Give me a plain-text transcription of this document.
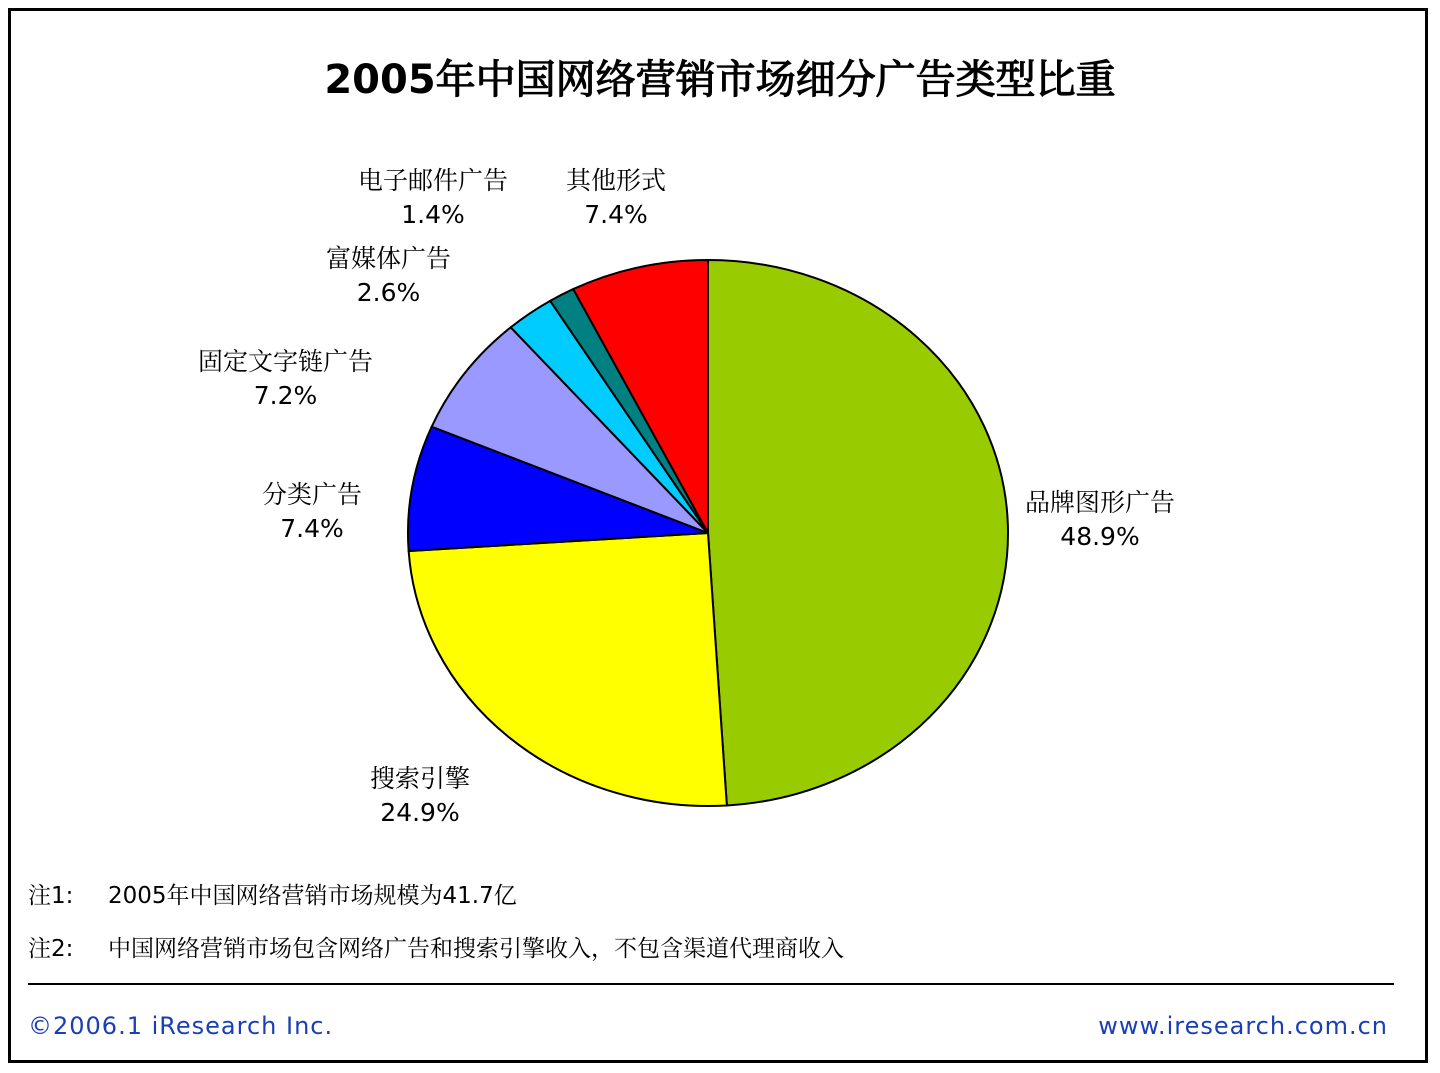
2005年中国网络营销市场细分广告类型比重
品牌图形广告
48.9%
搜索引擎
24.9%
分类广告
7.4%
固定文字链广告
7.2%
富媒体广告
2.6%
电子邮件广告
1.4%
其他形式
7.4%
注1: 2005年中国网络营销市场规模为41.7亿
注2: 中国网络营销市场包含网络广告和搜索引擎收入，不包含渠道代理商收入
©2006.1 iResearch Inc.	www.iresearch.com.cn
